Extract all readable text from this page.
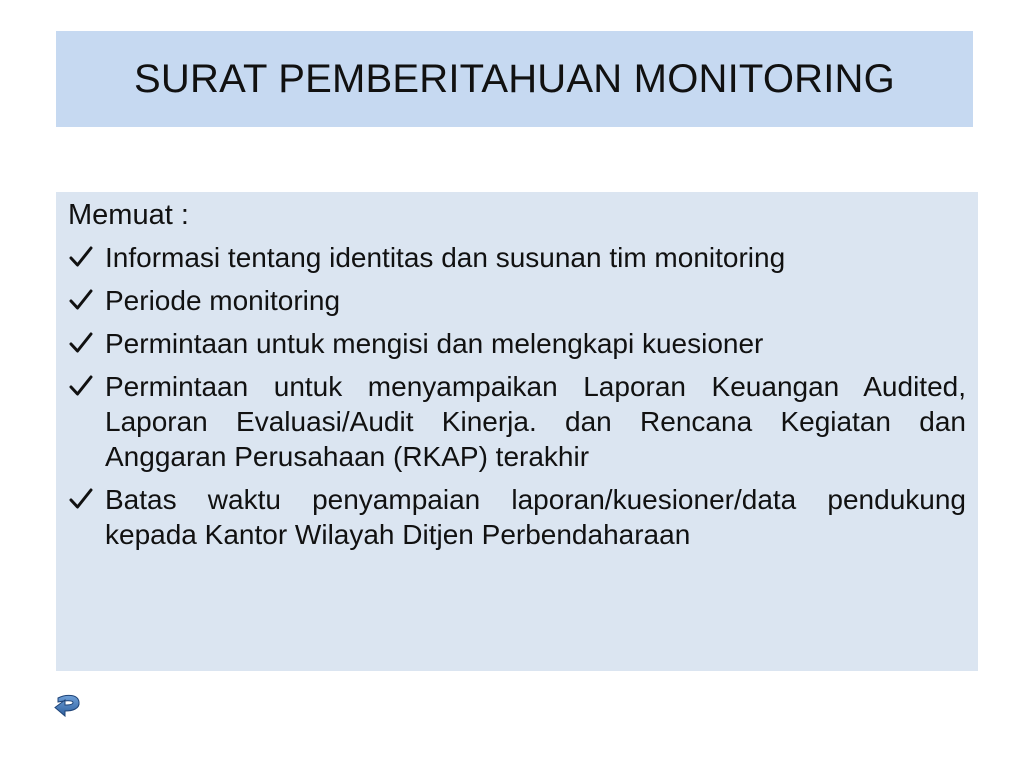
SURAT PEMBERITAHUAN MONITORING
Memuat :
Informasi tentang identitas dan susunan tim monitoring
Periode monitoring
Permintaan untuk mengisi dan melengkapi kuesioner
Permintaan untuk menyampaikan Laporan Keuangan Audited, Laporan Evaluasi/Audit Kinerja. dan Rencana Kegiatan dan Anggaran Perusahaan (RKAP) terakhir
Batas waktu penyampaian laporan/kuesioner/data pendukung kepada Kantor Wilayah Ditjen Perbendaharaan
